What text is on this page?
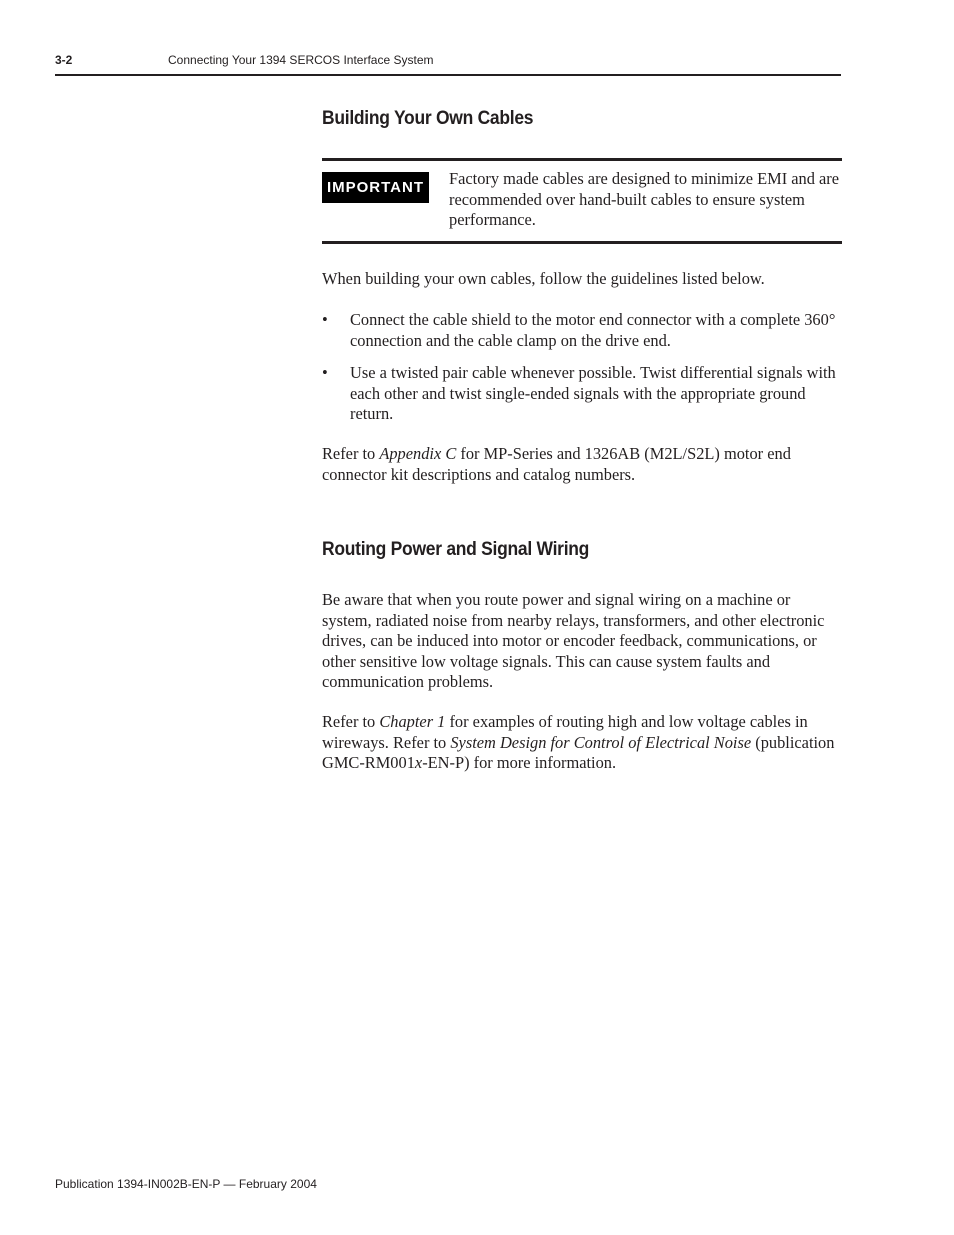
3-2	Connecting Your 1394 SERCOS Interface System
Building Your Own Cables
IMPORTANT	Factory made cables are designed to minimize EMI and are recommended over hand-built cables to ensure system performance.
When building your own cables, follow the guidelines listed below.
• Connect the cable shield to the motor end connector with a complete 360° connection and the cable clamp on the drive end.
• Use a twisted pair cable whenever possible. Twist differential signals with each other and twist single-ended signals with the appropriate ground return.
Refer to Appendix C for MP-Series and 1326AB (M2L/S2L) motor end connector kit descriptions and catalog numbers.
Routing Power and Signal Wiring
Be aware that when you route power and signal wiring on a machine or system, radiated noise from nearby relays, transformers, and other electronic drives, can be induced into motor or encoder feedback, communications, or other sensitive low voltage signals. This can cause system faults and communication problems.
Refer to Chapter 1 for examples of routing high and low voltage cables in wireways. Refer to System Design for Control of Electrical Noise (publication GMC-RM001x-EN-P) for more information.
Publication 1394-IN002B-EN-P — February 2004
